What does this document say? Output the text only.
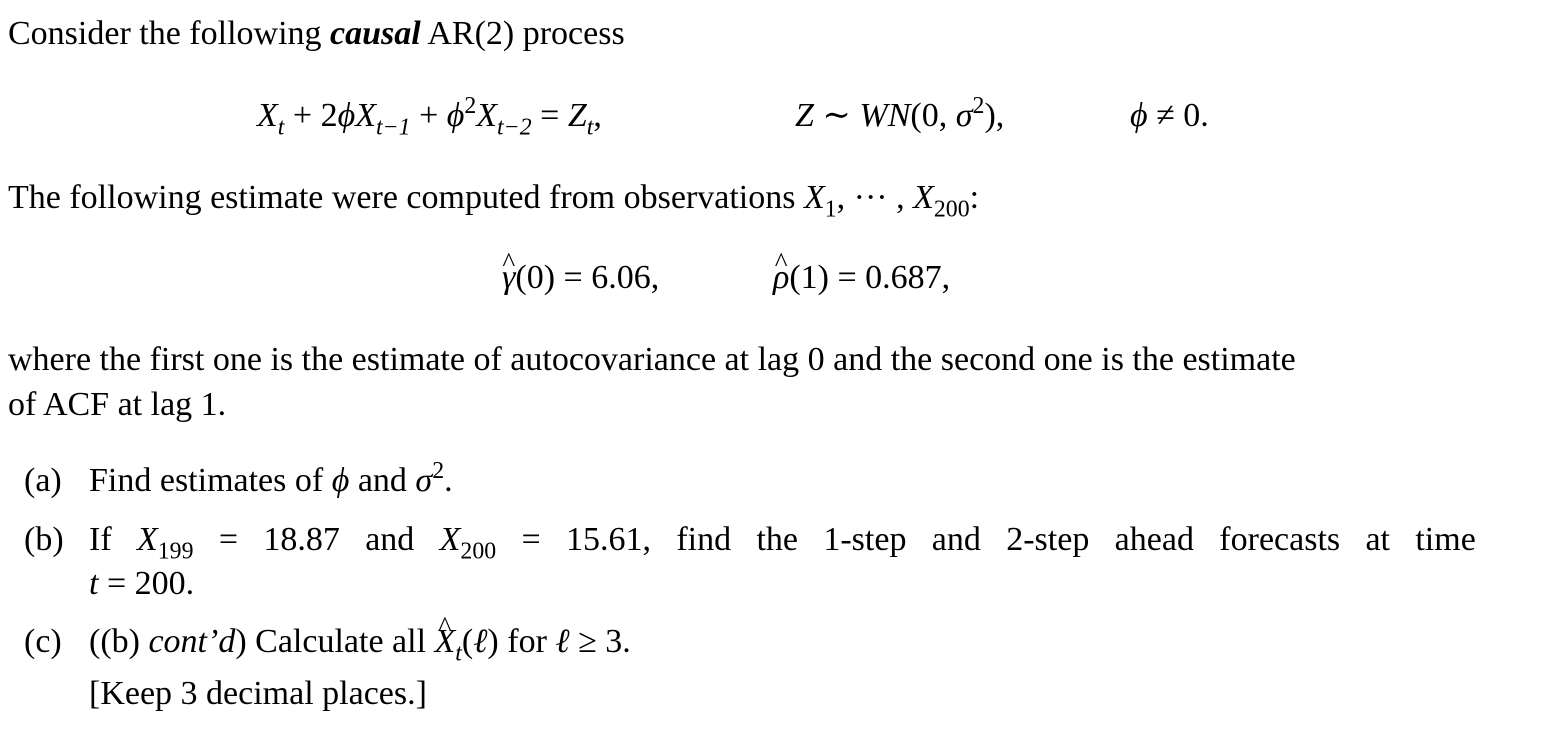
Consider the following causal AR(2) process
$X_t + 2\phi X_{t-1} + \phi^2X_{t-2} = Z_t$,	Z ∼ WN(0, $\sigma^2$),	ϕ ≠ 0.
The following estimate were computed from observations $X_1$, ··· , $X_{200}$:
^ γ(0) = 6.06,
^	ρ(1) = 0.687,
where the first one is the estimate of autocovariance at lag 0 and the second one is the estimate
of ACF at lag 1.
(a) Find estimates of ϕ and $\sigma^2$.
(b) If $X_{199} = 18.87$ and $X_{200} = 15.61$, find the 1-step and 2-step ahead forecasts at time
t = 200.
(c) ((b) cont’d) Calculate all ^ $X_t(\ell)$ for ℓ ≥ 3.
[Keep 3 decimal places.]
